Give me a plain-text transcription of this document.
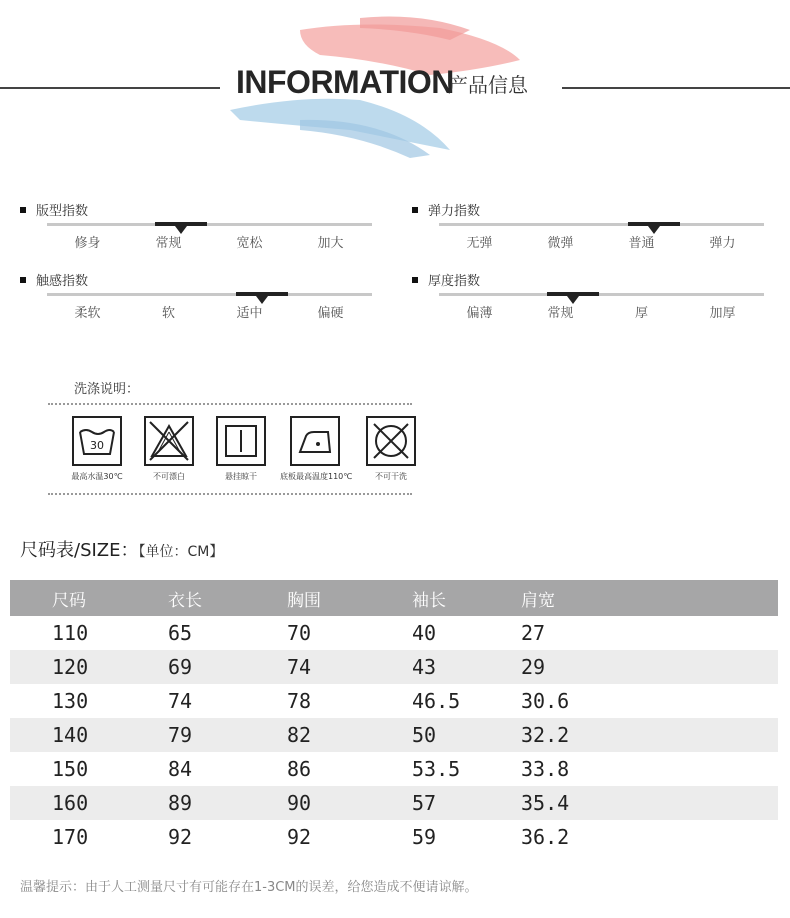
INFORMATION
产品信息
版型指数
修身	常规	宽松	加大
弹力指数
无弹	微弹	普通	弹力
触感指数
柔软	软	适中	偏硬
厚度指数
偏薄	常规	厚	加厚
洗涤说明：
30
最高水温30℃	不可漂白	悬挂晾干	底板最高温度110℃	不可干洗
尺码表/SIZE：【单位：CM】
尺码	衣长	胸围	袖长	肩宽
110	65	70	40	27
120	69	74	43	29
130	74	78	46.5	30.6
140	79	82	50	32.2
150	84	86	53.5	33.8
160	89	90	57	35.4
170	92	92	59	36.2
温馨提示：由于人工测量尺寸有可能存在1-3CM的误差，给您造成不便请谅解。
